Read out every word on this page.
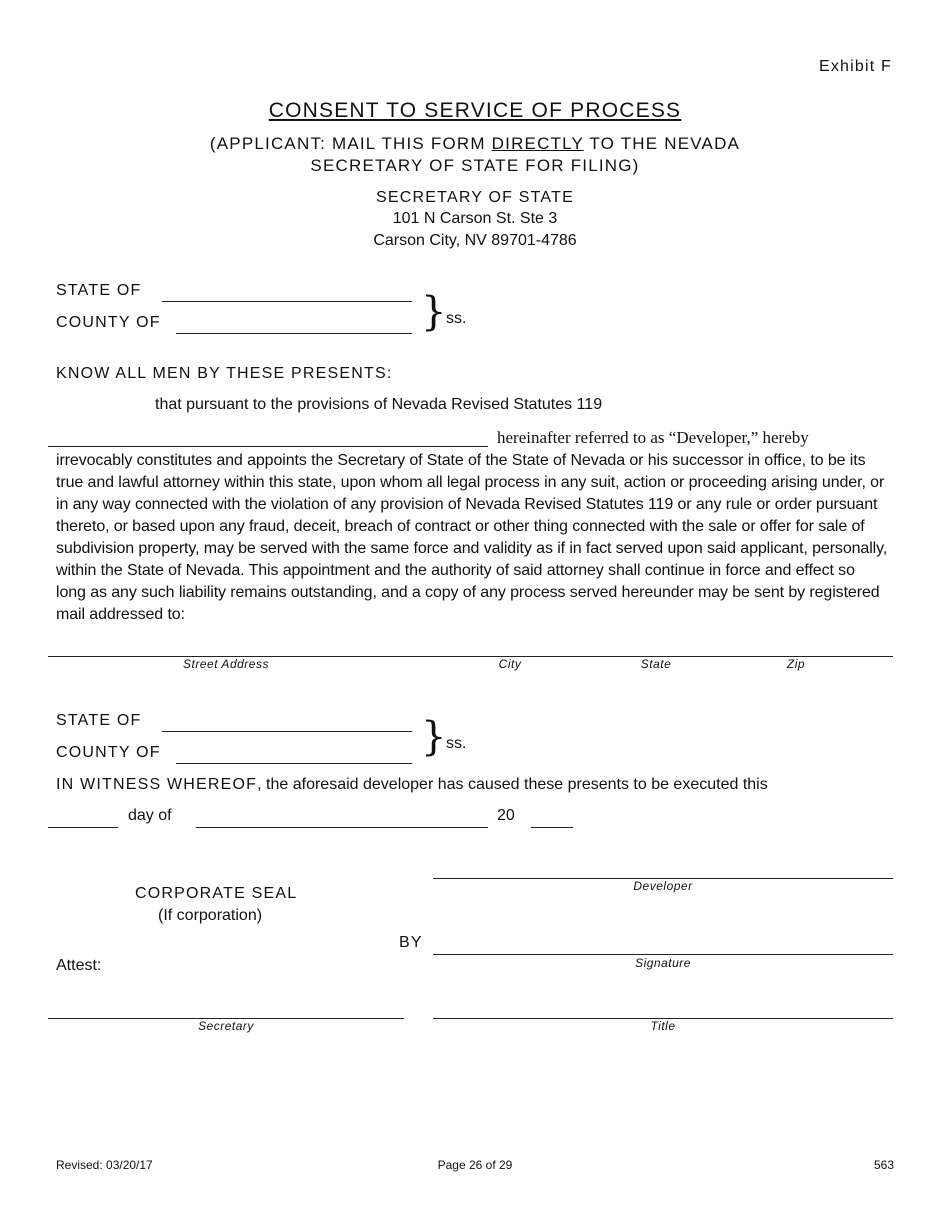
Exhibit F
CONSENT TO SERVICE OF PROCESS
(APPLICANT: MAIL THIS FORM DIRECTLY TO THE NEVADA
SECRETARY OF STATE FOR FILING)
SECRETARY OF STATE
101 N Carson St. Ste 3
Carson City, NV 89701-4786
STATE OF
COUNTY OF	} ss.
KNOW ALL MEN BY THESE PRESENTS:
that pursuant to the provisions of Nevada Revised Statutes 119
hereinafter referred to as “Developer,” hereby
irrevocably constitutes and appoints the Secretary of State of the State of Nevada or his successor in office, to be its true and lawful attorney within this state, upon whom all legal process in any suit, action or proceeding arising under, or in any way connected with the violation of any provision of Nevada Revised Statutes 119 or any rule or order pursuant thereto, or based upon any fraud, deceit, breach of contract or other thing connected with the sale or offer for sale of subdivision property, may be served with the same force and validity as if in fact served upon said applicant, personally, within the State of Nevada. This appointment and the authority of said attorney shall continue in force and effect so long as any such liability remains outstanding, and a copy of any process served hereunder may be sent by registered mail addressed to:
Street Address	City	State	Zip
STATE OF
COUNTY OF	} ss.
IN WITNESS WHEREOF, the aforesaid developer has caused these presents to be executed this
day of	20
CORPORATE SEAL
(If corporation)
Developer
BY
Signature
Attest:
Secretary	Title
Revised: 03/20/17	Page 26 of 29	563
